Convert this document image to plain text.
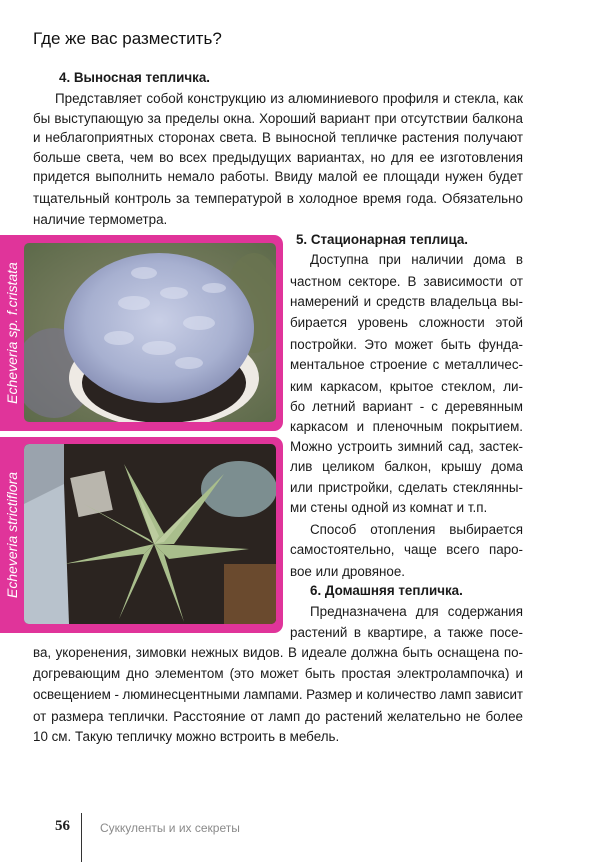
Где же вас разместить?
4. Выносная тепличка.
Представляет собой конструкцию из алюминиевого профиля и стекла, как
бы выступающую за пределы окна. Хороший вариант при отсутствии балкона
и неблагоприятных сторонах света. В выносной тепличке растения получают
больше света, чем во всех предыдущих вариантах, но для ее изготовления
придется выполнить немало работы. Ввиду малой ее площади нужен будет
тщательный контроль за температурой в холодное время года. Обязательно
наличие термометра.
Echeveria sp. f.cristata
Echeveria strictiflora
5. Стационарная теплица.
Доступна при наличии дома в
частном секторе. В зависимости от
намерений и средств владельца вы-
бирается уровень сложности этой
постройки. Это может быть фунда-
ментальное строение с металличес-
ким каркасом, крытое стеклом, ли-
бо летний вариант - с деревянным
каркасом и пленочным покрытием.
Можно устроить зимний сад, застек-
лив целиком балкон, крышу дома
или пристройки, сделать стеклянны-
ми стены одной из комнат и т.п.
Способ отопления выбирается
самостоятельно, чаще всего паро-
вое или дровяное.
6. Домашняя тепличка.
Предназначена для содержания
растений в квартире, а также посе-
ва, укоренения, зимовки нежных видов. В идеале должна быть оснащена по-
догревающим дно элементом (это может быть простая электролампочка) и
освещением - люминесцентными лампами. Размер и количество ламп зависит
от размера теплички. Расстояние от ламп до растений желательно не более
10 см. Такую тепличку можно встроить в мебель.
56	Суккуленты и их секреты
